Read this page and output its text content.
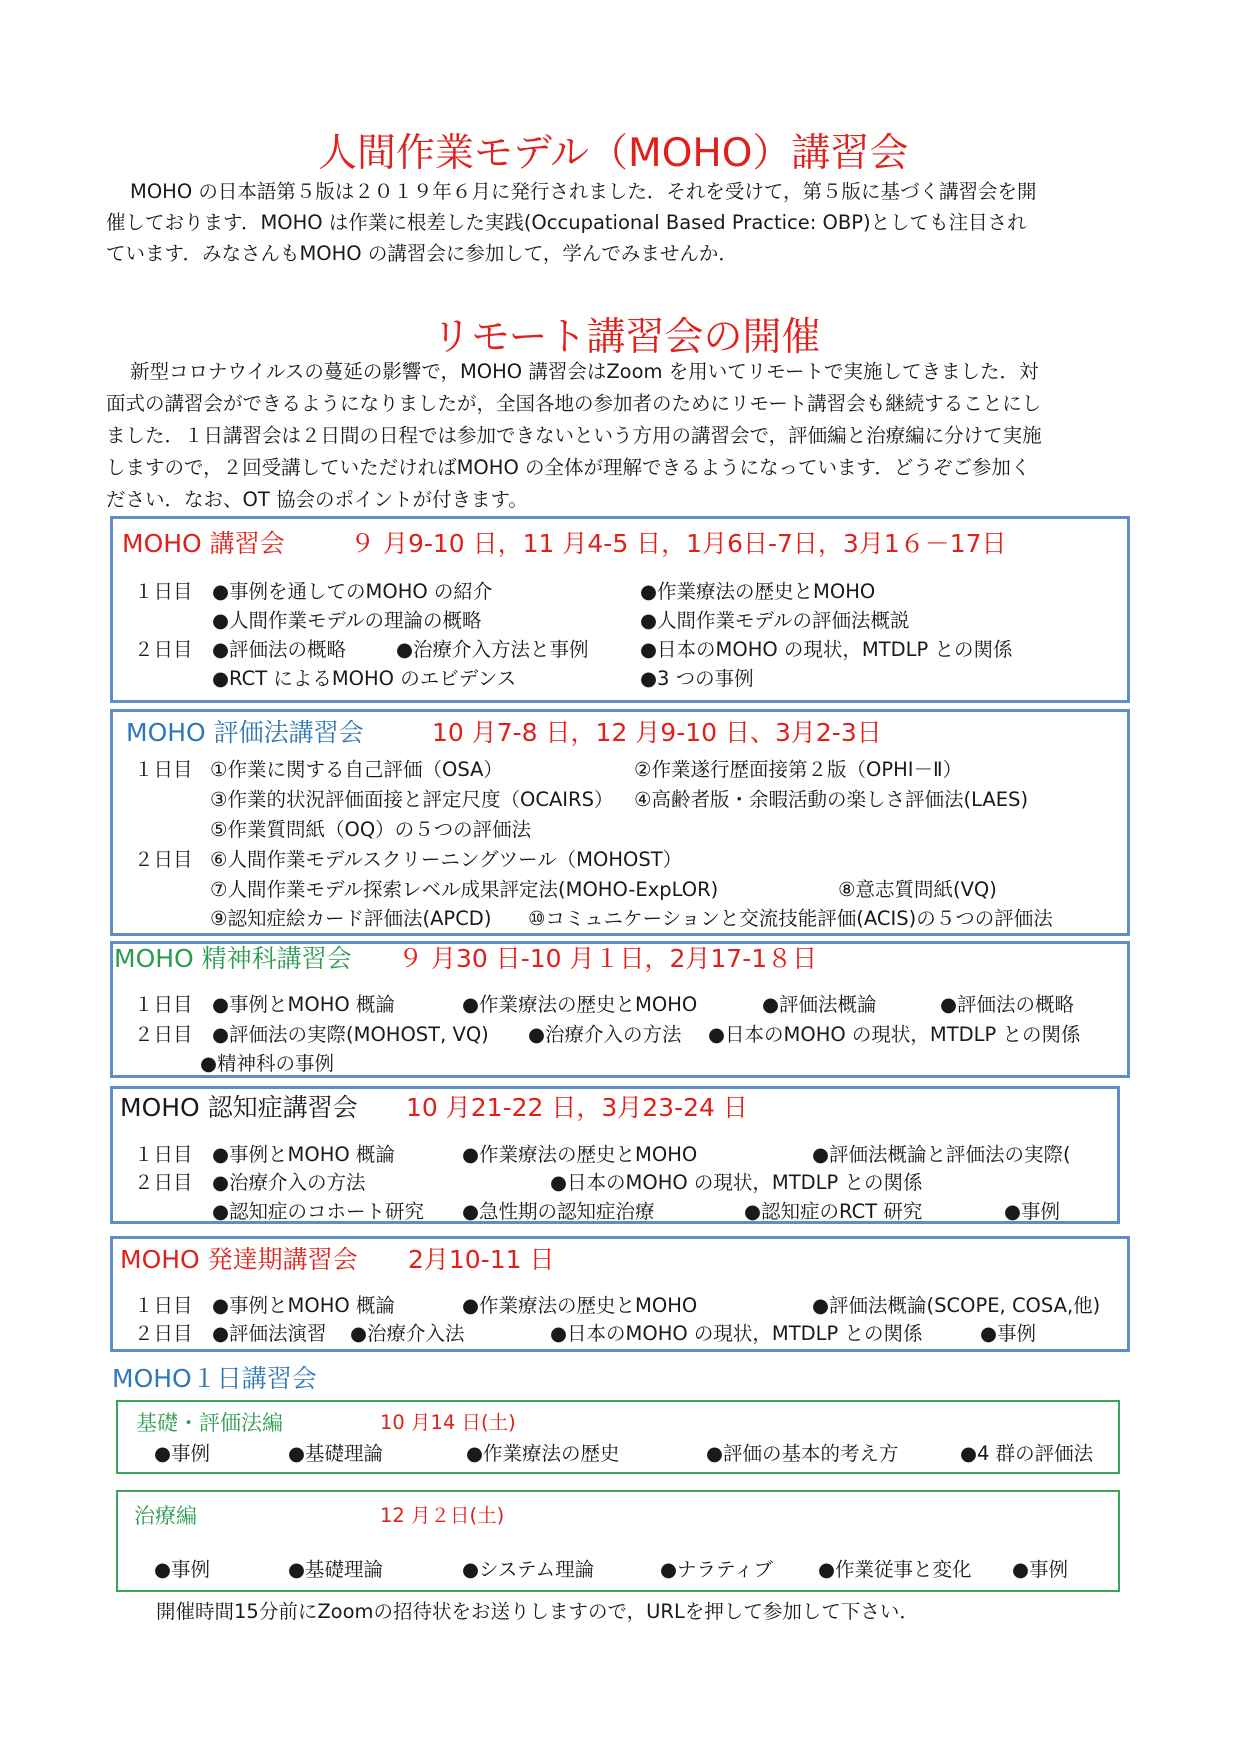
人間作業モデル（MOHO）講習会
MOHO の日本語第５版は２０１９年６月に発行されました．それを受けて，第５版に基づく講習会を開
催しております．MOHO は作業に根差した実践(Occupational Based Practice: OBP)としても注目され
ています．みなさんもMOHO の講習会に参加して，学んでみませんか．
リモート講習会の開催
新型コロナウイルスの蔓延の影響で，MOHO 講習会はZoom を用いてリモートで実施してきました．対
面式の講習会ができるようになりましたが，全国各地の参加者のためにリモート講習会も継続することにし
ました．１日講習会は２日間の日程では参加できないという方用の講習会で，評価編と治療編に分けて実施
しますので，２回受講していただければMOHO の全体が理解できるようになっています．どうぞご参加く
ださい．なお、OT 協会のポイントが付きます。
MOHO 講習会	９ 月9-10 日，11 月4-5 日，1月6日-7日，3月1６－17日
１日目 ●事例を通してのMOHO の紹介	●作業療法の歴史とMOHO
●人間作業モデルの理論の概略	●人間作業モデルの評価法概説
２日目 ●評価法の概略	●治療介入方法と事例	●日本のMOHO の現状，MTDLP との関係
●RCT によるMOHO のエビデンス	●3 つの事例
MOHO 評価法講習会	10 月7-8 日，12 月9-10 日、3月2-3日
１日目 ①作業に関する自己評価（OSA）	②作業遂行歴面接第２版（OPHI－Ⅱ）
③作業的状況評価面接と評定尺度（OCAIRS） ④高齢者版・余暇活動の楽しさ評価法(LAES)
⑤作業質問紙（OQ）の５つの評価法
２日目 ⑥人間作業モデルスクリーニングツール（MOHOST）
⑦人間作業モデル探索レベル成果評定法(MOHO-ExpLOR)	⑧意志質問紙(VQ)
⑨認知症絵カード評価法(APCD) ⑩コミュニケーションと交流技能評価(ACIS)の５つの評価法
MOHO 精神科講習会 ９ 月30 日-10 月１日，2月17-1８日
１日目 ●事例とMOHO 概論	●作業療法の歴史とMOHO	●評価法概論	●評価法の概略
２日目 ●評価法の実際(MOHOST, VQ) ●治療介入の方法 ●日本のMOHO の現状，MTDLP との関係
●精神科の事例
MOHO 認知症講習会 10 月21-22 日，3月23-24 日
１日目 ●事例とMOHO 概論	●作業療法の歴史とMOHO	●評価法概論と評価法の実際(
２日目 ●治療介入の方法	●日本のMOHO の現状，MTDLP との関係
●認知症のコホート研究 ●急性期の認知症治療	●認知症のRCT 研究	●事例
MOHO 発達期講習会 2月10-11 日
１日目 ●事例とMOHO 概論	●作業療法の歴史とMOHO	●評価法概論(SCOPE, COSA,他)
２日目 ●評価法演習 ●治療介入法	●日本のMOHO の現状，MTDLP との関係	●事例
MOHO１日講習会
基礎・評価法編	10 月14 日(土)
●事例	●基礎理論	●作業療法の歴史	●評価の基本的考え方	●4 群の評価法
治療編	12 月２日(土)
●事例	●基礎理論	●システム理論	●ナラティブ ●作業従事と変化 ●事例
開催時間15分前にZoomの招待状をお送りしますので，URLを押して参加して下さい．
